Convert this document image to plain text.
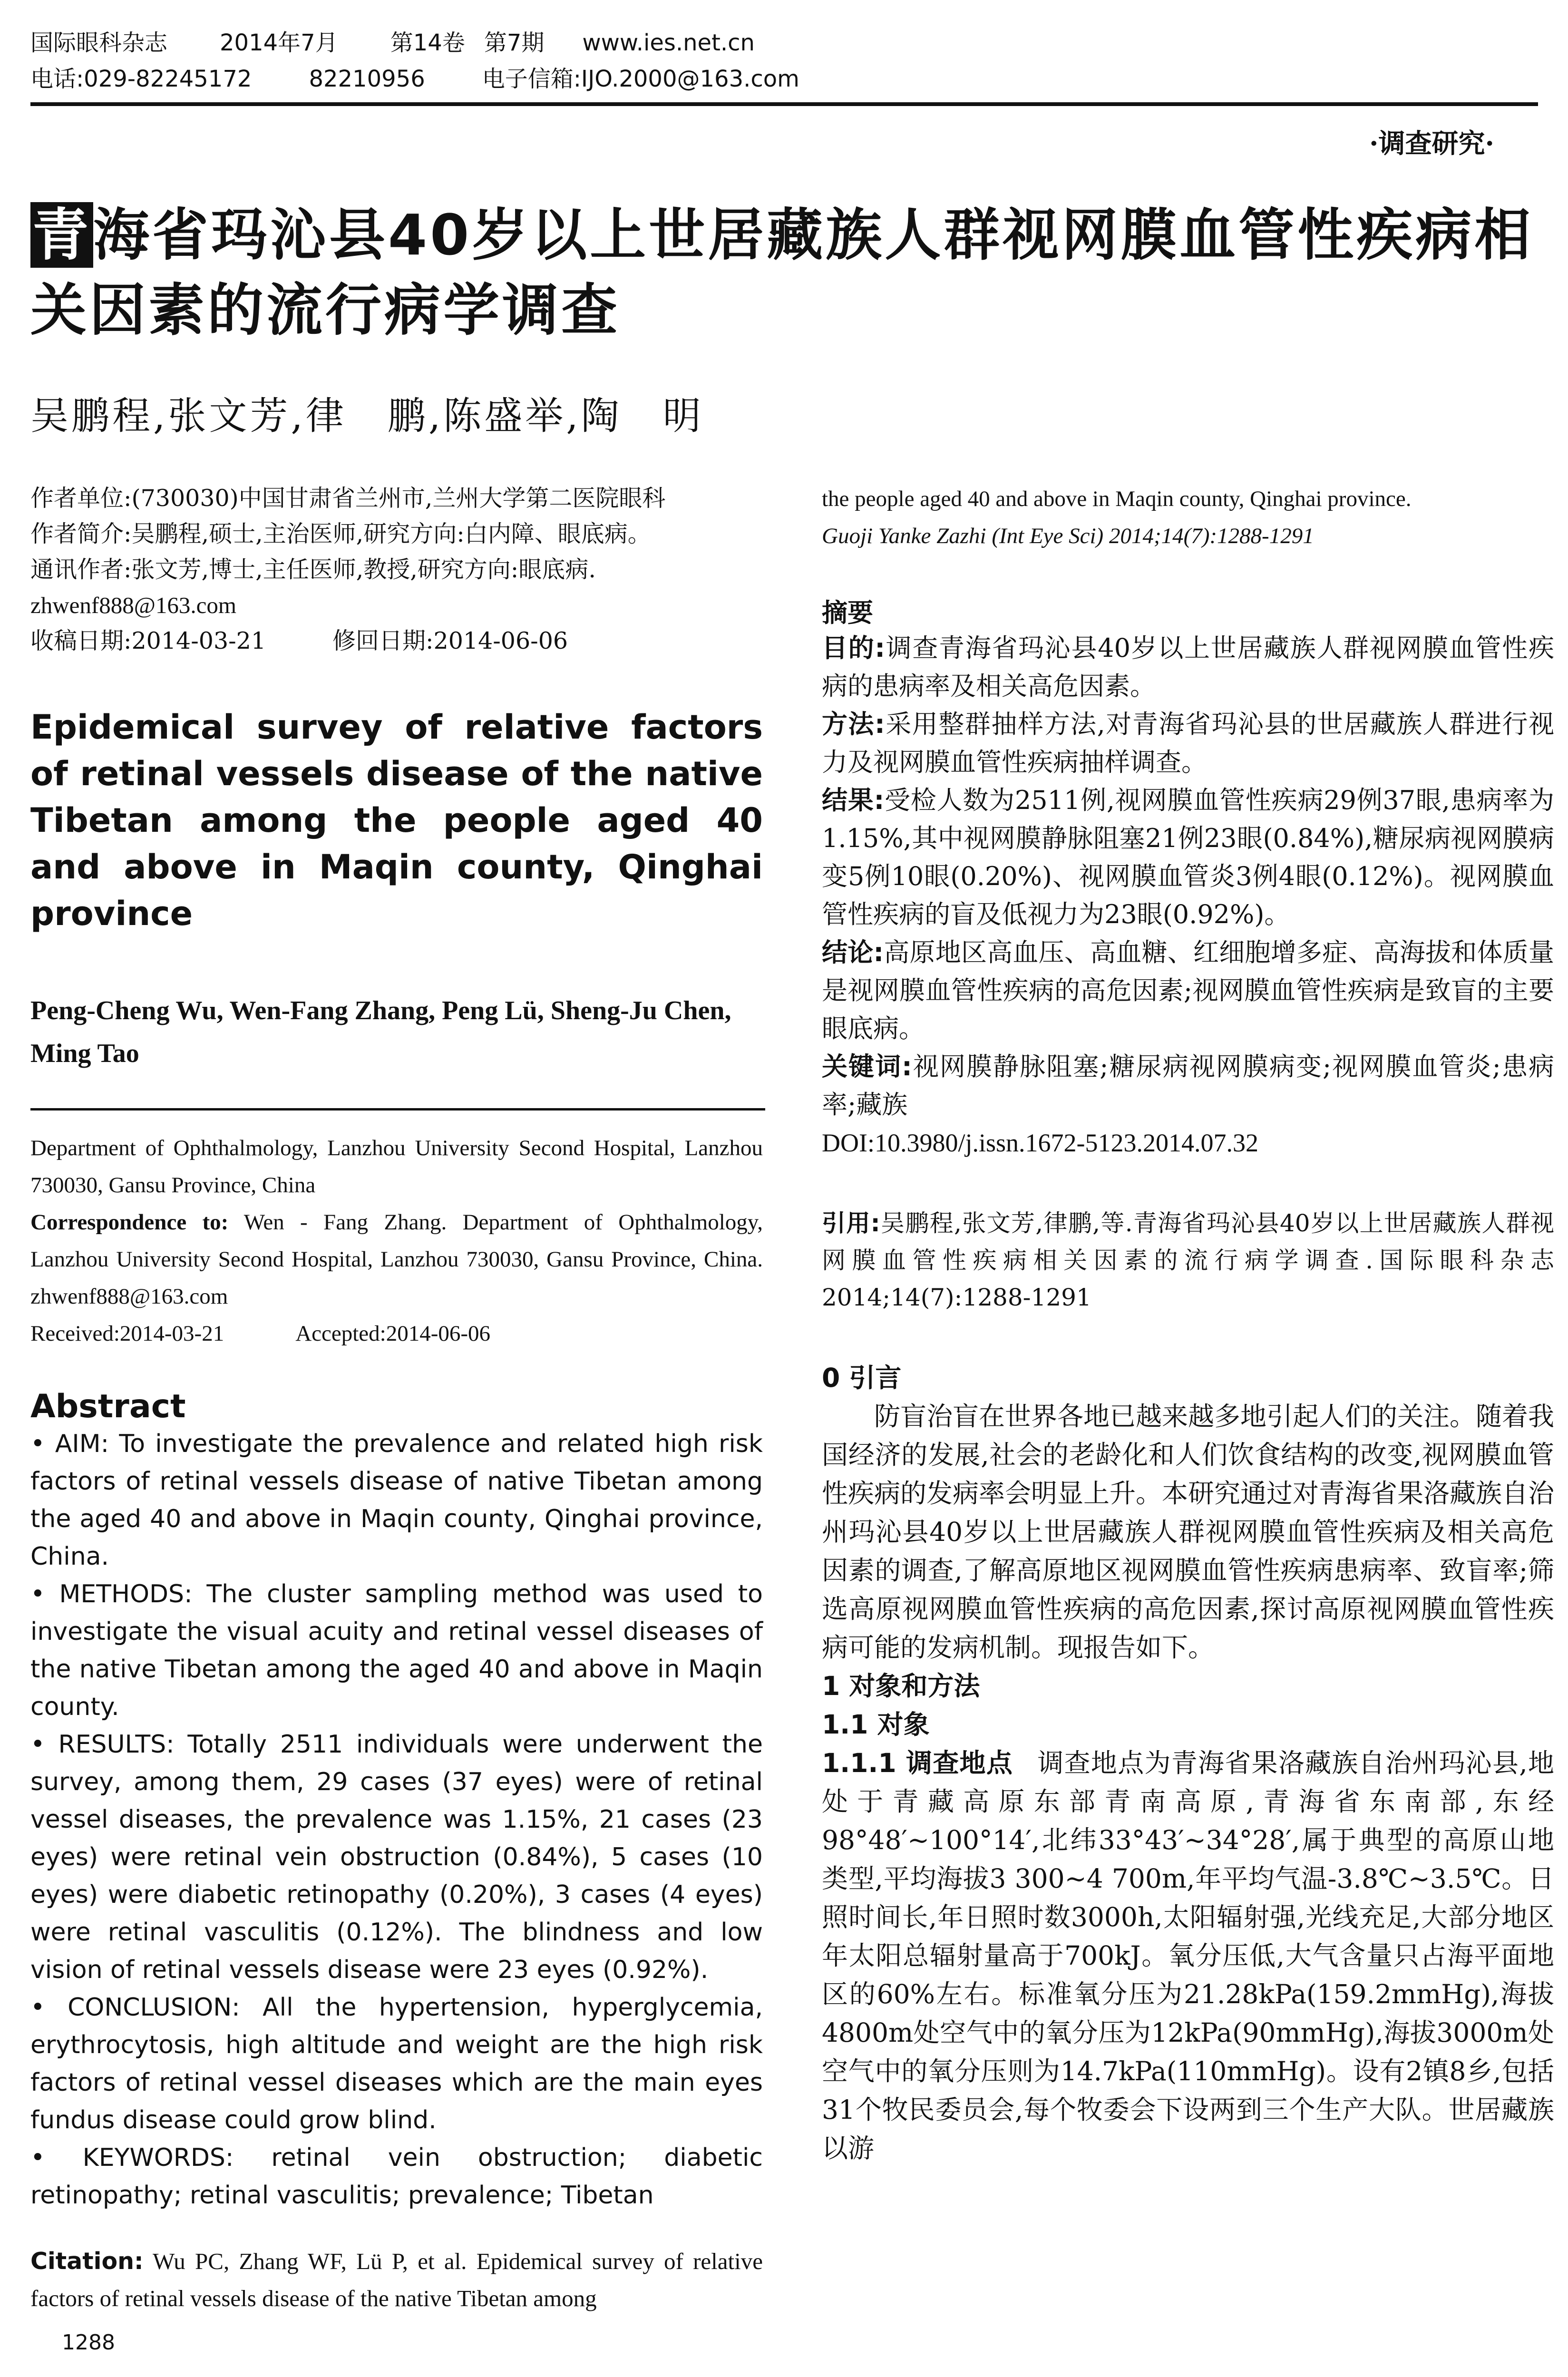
国际眼科杂志 2014年7月 第14卷 第7期 www.ies.net.cn
电话:029-82245172	82210956	电子信箱:IJO.2000@163.com
·调查研究·
青海省玛沁县40岁以上世居藏族人群视网膜血管性疾病相关因素的流行病学调查
吴鹏程,张文芳,律　鹏,陈盛举,陶　明

作者单位:(730030)中国甘肃省兰州市,兰州大学第二医院眼科

作者简介:吴鹏程,硕士,主治医师,研究方向:白内障、眼底病。

通讯作者:张文芳,博士,主任医师,教授,研究方向:眼底病.

zhwenf888@163.com

收稿日期:2014-03-21	修回日期:2014-06-06

Epidemical survey of relative factors of retinal vessels disease of the native Tibetan among the people aged 40 and above in Maqin county, Qinghai province
Peng-Cheng Wu, Wen-Fang Zhang, Peng Lü, Sheng-Ju Chen, Ming Tao
Department of Ophthalmology, Lanzhou University Second Hospital, Lanzhou 730030, Gansu Province, China
Correspondence to: Wen - Fang Zhang. Department of Ophthalmology, Lanzhou University Second Hospital, Lanzhou 730030, Gansu Province, China. zhwenf888@163.com
Received:2014-03-21	Accepted:2014-06-06
Abstract

• AIM: To investigate the prevalence and related high risk factors of retinal vessels disease of native Tibetan among the aged 40 and above in Maqin county, Qinghai province, China.

• METHODS: The cluster sampling method was used to investigate the visual acuity and retinal vessel diseases of the native Tibetan among the aged 40 and above in Maqin county.

• RESULTS: Totally 2511 individuals were underwent the survey, among them, 29 cases (37 eyes) were of retinal vessel diseases, the prevalence was 1.15%, 21 cases (23 eyes) were retinal vein obstruction (0.84%), 5 cases (10 eyes) were diabetic retinopathy (0.20%), 3 cases (4 eyes) were retinal vasculitis (0.12%). The blindness and low vision of retinal vessels disease were 23 eyes (0.92%).

• CONCLUSION: All the hypertension, hyperglycemia, erythrocytosis, high altitude and weight are the high risk factors of retinal vessel diseases which are the main eyes fundus disease could grow blind.

• KEYWORDS: retinal vein obstruction; diabetic retinopathy; retinal vasculitis; prevalence; Tibetan

Citation: Wu PC, Zhang WF, Lü P, et al. Epidemical survey of relative factors of retinal vessels disease of the native Tibetan among
the people aged 40 and above in Maqin county, Qinghai province.
Guoji Yanke Zazhi (Int Eye Sci) 2014;14(7):1288-1291
摘要

目的:调查青海省玛沁县40岁以上世居藏族人群视网膜血管性疾病的患病率及相关高危因素。

方法:采用整群抽样方法,对青海省玛沁县的世居藏族人群进行视力及视网膜血管性疾病抽样调查。

结果:受检人数为2511例,视网膜血管性疾病29例37眼,患病率为1.15%,其中视网膜静脉阻塞21例23眼(0.84%),糖尿病视网膜病变5例10眼(0.20%)、视网膜血管炎3例4眼(0.12%)。视网膜血管性疾病的盲及低视力为23眼(0.92%)。

结论:高原地区高血压、高血糖、红细胞增多症、高海拔和体质量是视网膜血管性疾病的高危因素;视网膜血管性疾病是致盲的主要眼底病。

关键词:视网膜静脉阻塞;糖尿病视网膜病变;视网膜血管炎;患病率;藏族

DOI:10.3980/j.issn.1672-5123.2014.07.32

引用:吴鹏程,张文芳,律鹏,等.青海省玛沁县40岁以上世居藏族人群视网膜血管性疾病相关因素的流行病学调查.国际眼科杂志2014;14(7):1288-1291

0 引言

防盲治盲在世界各地已越来越多地引起人们的关注。随着我国经济的发展,社会的老龄化和人们饮食结构的改变,视网膜血管性疾病的发病率会明显上升。本研究通过对青海省果洛藏族自治州玛沁县40岁以上世居藏族人群视网膜血管性疾病及相关高危因素的调查,了解高原地区视网膜血管性疾病患病率、致盲率;筛选高原视网膜血管性疾病的高危因素,探讨高原视网膜血管性疾病可能的发病机制。现报告如下。

1 对象和方法

1.1 对象

1.1.1 调查地点 调查地点为青海省果洛藏族自治州玛沁县,地处于青藏高原东部青南高原,青海省东南部,东经98°48′~100°14′,北纬33°43′~34°28′,属于典型的高原山地类型,平均海拔3 300~4 700m,年平均气温-3.8℃~3.5℃。日照时间长,年日照时数3000h,太阳辐射强,光线充足,大部分地区年太阳总辐射量高于700kJ。氧分压低,大气含量只占海平面地区的60%左右。标准氧分压为21.28kPa(159.2mmHg),海拔4800m处空气中的氧分压为12kPa(90mmHg),海拔3000m处空气中的氧分压则为14.7kPa(110mmHg)。设有2镇8乡,包括31个牧民委员会,每个牧委会下设两到三个生产大队。世居藏族以游

1288
